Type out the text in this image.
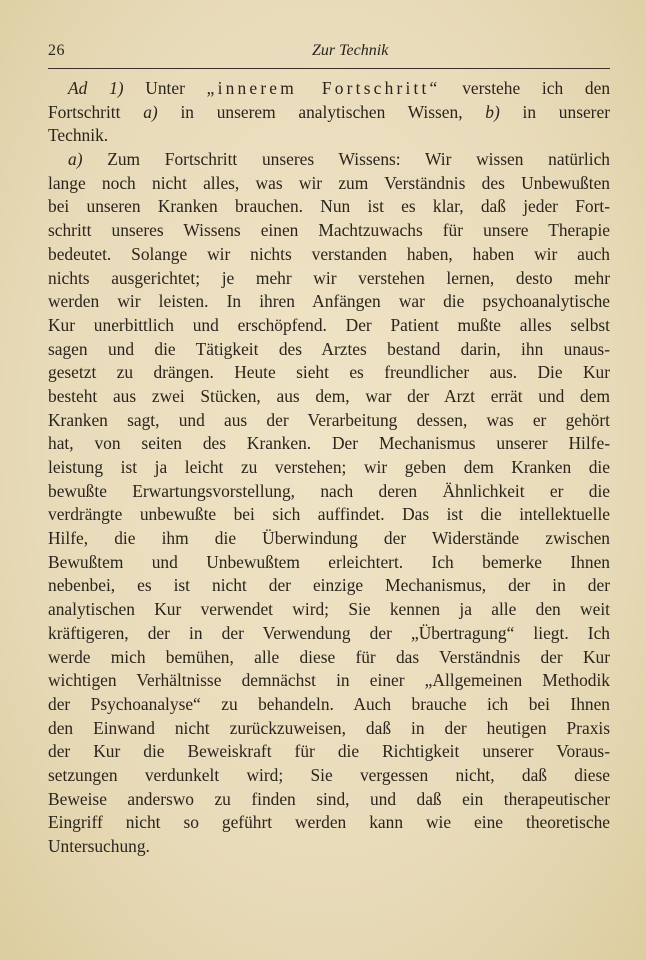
26	Zur Technik
Ad 1) Unter „innerem Fortschritt“ verstehe ich den
Fortschritt a) in unserem analytischen Wissen, b) in unserer
Technik.
a) Zum Fortschritt unseres Wissens: Wir wissen natürlich
lange noch nicht alles, was wir zum Verständnis des Unbewußten
bei unseren Kranken brauchen. Nun ist es klar, daß jeder Fort-
schritt unseres Wissens einen Machtzuwachs für unsere Therapie
bedeutet. Solange wir nichts verstanden haben, haben wir auch
nichts ausgerichtet; je mehr wir verstehen lernen, desto mehr
werden wir leisten. In ihren Anfängen war die psychoanalytische
Kur unerbittlich und erschöpfend. Der Patient mußte alles selbst
sagen und die Tätigkeit des Arztes bestand darin, ihn unaus-
gesetzt zu drängen. Heute sieht es freundlicher aus. Die Kur
besteht aus zwei Stücken, aus dem, war der Arzt errät und dem
Kranken sagt, und aus der Verarbeitung dessen, was er gehört
hat, von seiten des Kranken. Der Mechanismus unserer Hilfe-
leistung ist ja leicht zu verstehen; wir geben dem Kranken die
bewußte Erwartungsvorstellung, nach deren Ähnlichkeit er die
verdrängte unbewußte bei sich auffindet. Das ist die intellektuelle
Hilfe, die ihm die Überwindung der Widerstände zwischen
Bewußtem und Unbewußtem erleichtert. Ich bemerke Ihnen
nebenbei, es ist nicht der einzige Mechanismus, der in der
analytischen Kur verwendet wird; Sie kennen ja alle den weit
kräftigeren, der in der Verwendung der „Übertragung“ liegt. Ich
werde mich bemühen, alle diese für das Verständnis der Kur
wichtigen Verhältnisse demnächst in einer „Allgemeinen Methodik
der Psychoanalyse“ zu behandeln. Auch brauche ich bei Ihnen
den Einwand nicht zurückzuweisen, daß in der heutigen Praxis
der Kur die Beweiskraft für die Richtigkeit unserer Voraus-
setzungen verdunkelt wird; Sie vergessen nicht, daß diese
Beweise anderswo zu finden sind, und daß ein therapeutischer
Eingriff nicht so geführt werden kann wie eine theoretische
Untersuchung.
